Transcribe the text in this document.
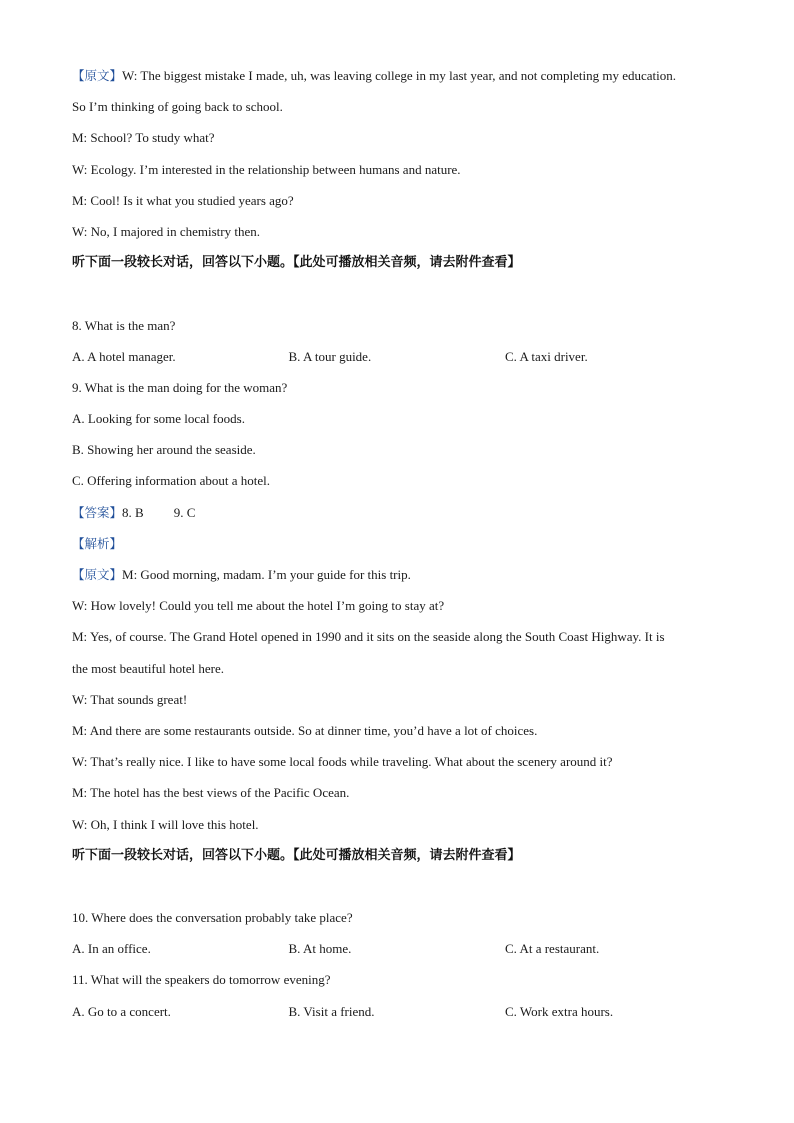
【原文】W: The biggest mistake I made, uh, was leaving college in my last year, and not completing my education.
So I’m thinking of going back to school.
M: School? To study what?
W: Ecology. I’m interested in the relationship between humans and nature.
M: Cool! Is it what you studied years ago?
W: No, I majored in chemistry then.
听下面一段较长对话，回答以下小题。【此处可播放相关音频，请去附件查看】
8. What is the man?
A. A hotel manager.	B. A tour guide.	C. A taxi driver.
9. What is the man doing for the woman?
A. Looking for some local foods.
B. Showing her around the seaside.
C. Offering information about a hotel.
【答案】8. B 9. C
【解析】
【原文】M: Good morning, madam. I’m your guide for this trip.
W: How lovely! Could you tell me about the hotel I’m going to stay at?
M: Yes, of course. The Grand Hotel opened in 1990 and it sits on the seaside along the South Coast Highway. It is
the most beautiful hotel here.
W: That sounds great!
M: And there are some restaurants outside. So at dinner time, you’d have a lot of choices.
W: That’s really nice. I like to have some local foods while traveling. What about the scenery around it?
M: The hotel has the best views of the Pacific Ocean.
W: Oh, I think I will love this hotel.
听下面一段较长对话，回答以下小题。【此处可播放相关音频，请去附件查看】
10. Where does the conversation probably take place?
A. In an office.	B. At home.	C. At a restaurant.
11. What will the speakers do tomorrow evening?
A. Go to a concert.	B. Visit a friend.	C. Work extra hours.
